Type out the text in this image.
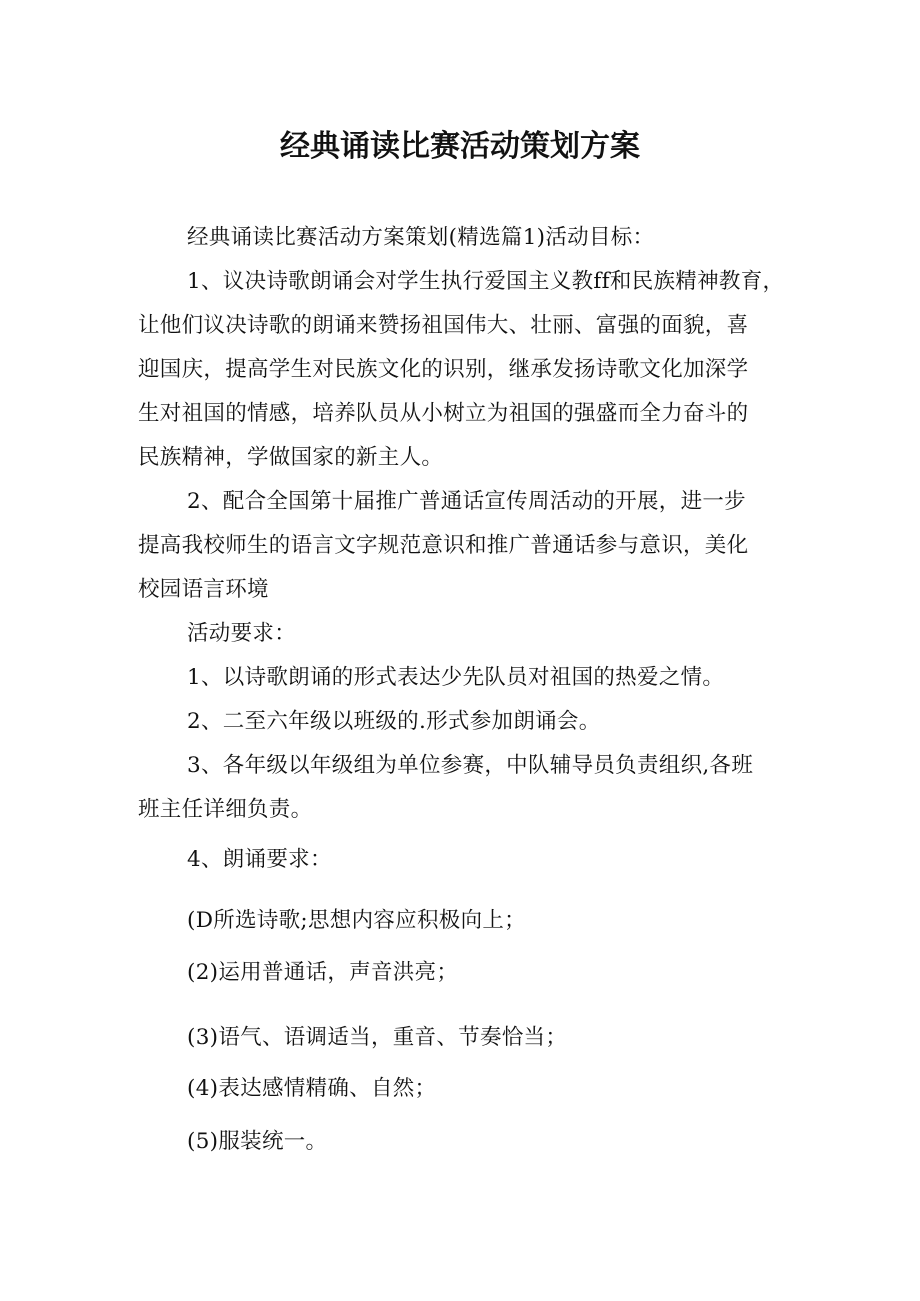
经典诵读比赛活动策划方案

经典诵读比赛活动方案策划(精选篇1)活动目标：

1、议决诗歌朗诵会对学生执行爱国主义教ff和民族精神教育，

让他们议决诗歌的朗诵来赞扬祖国伟大、壮丽、富强的面貌，喜

迎国庆，提高学生对民族文化的识别，继承发扬诗歌文化加深学

生对祖国的情感，培养队员从小树立为祖国的强盛而全力奋斗的

民族精神，学做国家的新主人。

2、配合全国第十届推广普通话宣传周活动的开展，进一步

提高我校师生的语言文字规范意识和推广普通话参与意识，美化

校园语言环境

活动要求：

1、以诗歌朗诵的形式表达少先队员对祖国的热爱之情。

2、二至六年级以班级的.形式参加朗诵会。

3、各年级以年级组为单位参赛，中队辅导员负责组织,各班

班主任详细负责。

4、朗诵要求：

(D所选诗歌;思想内容应积极向上；

(2)运用普通话，声音洪亮；

(3)语气、语调适当，重音、节奏恰当；

(4)表达感情精确、自然；

(5)服装统一。
